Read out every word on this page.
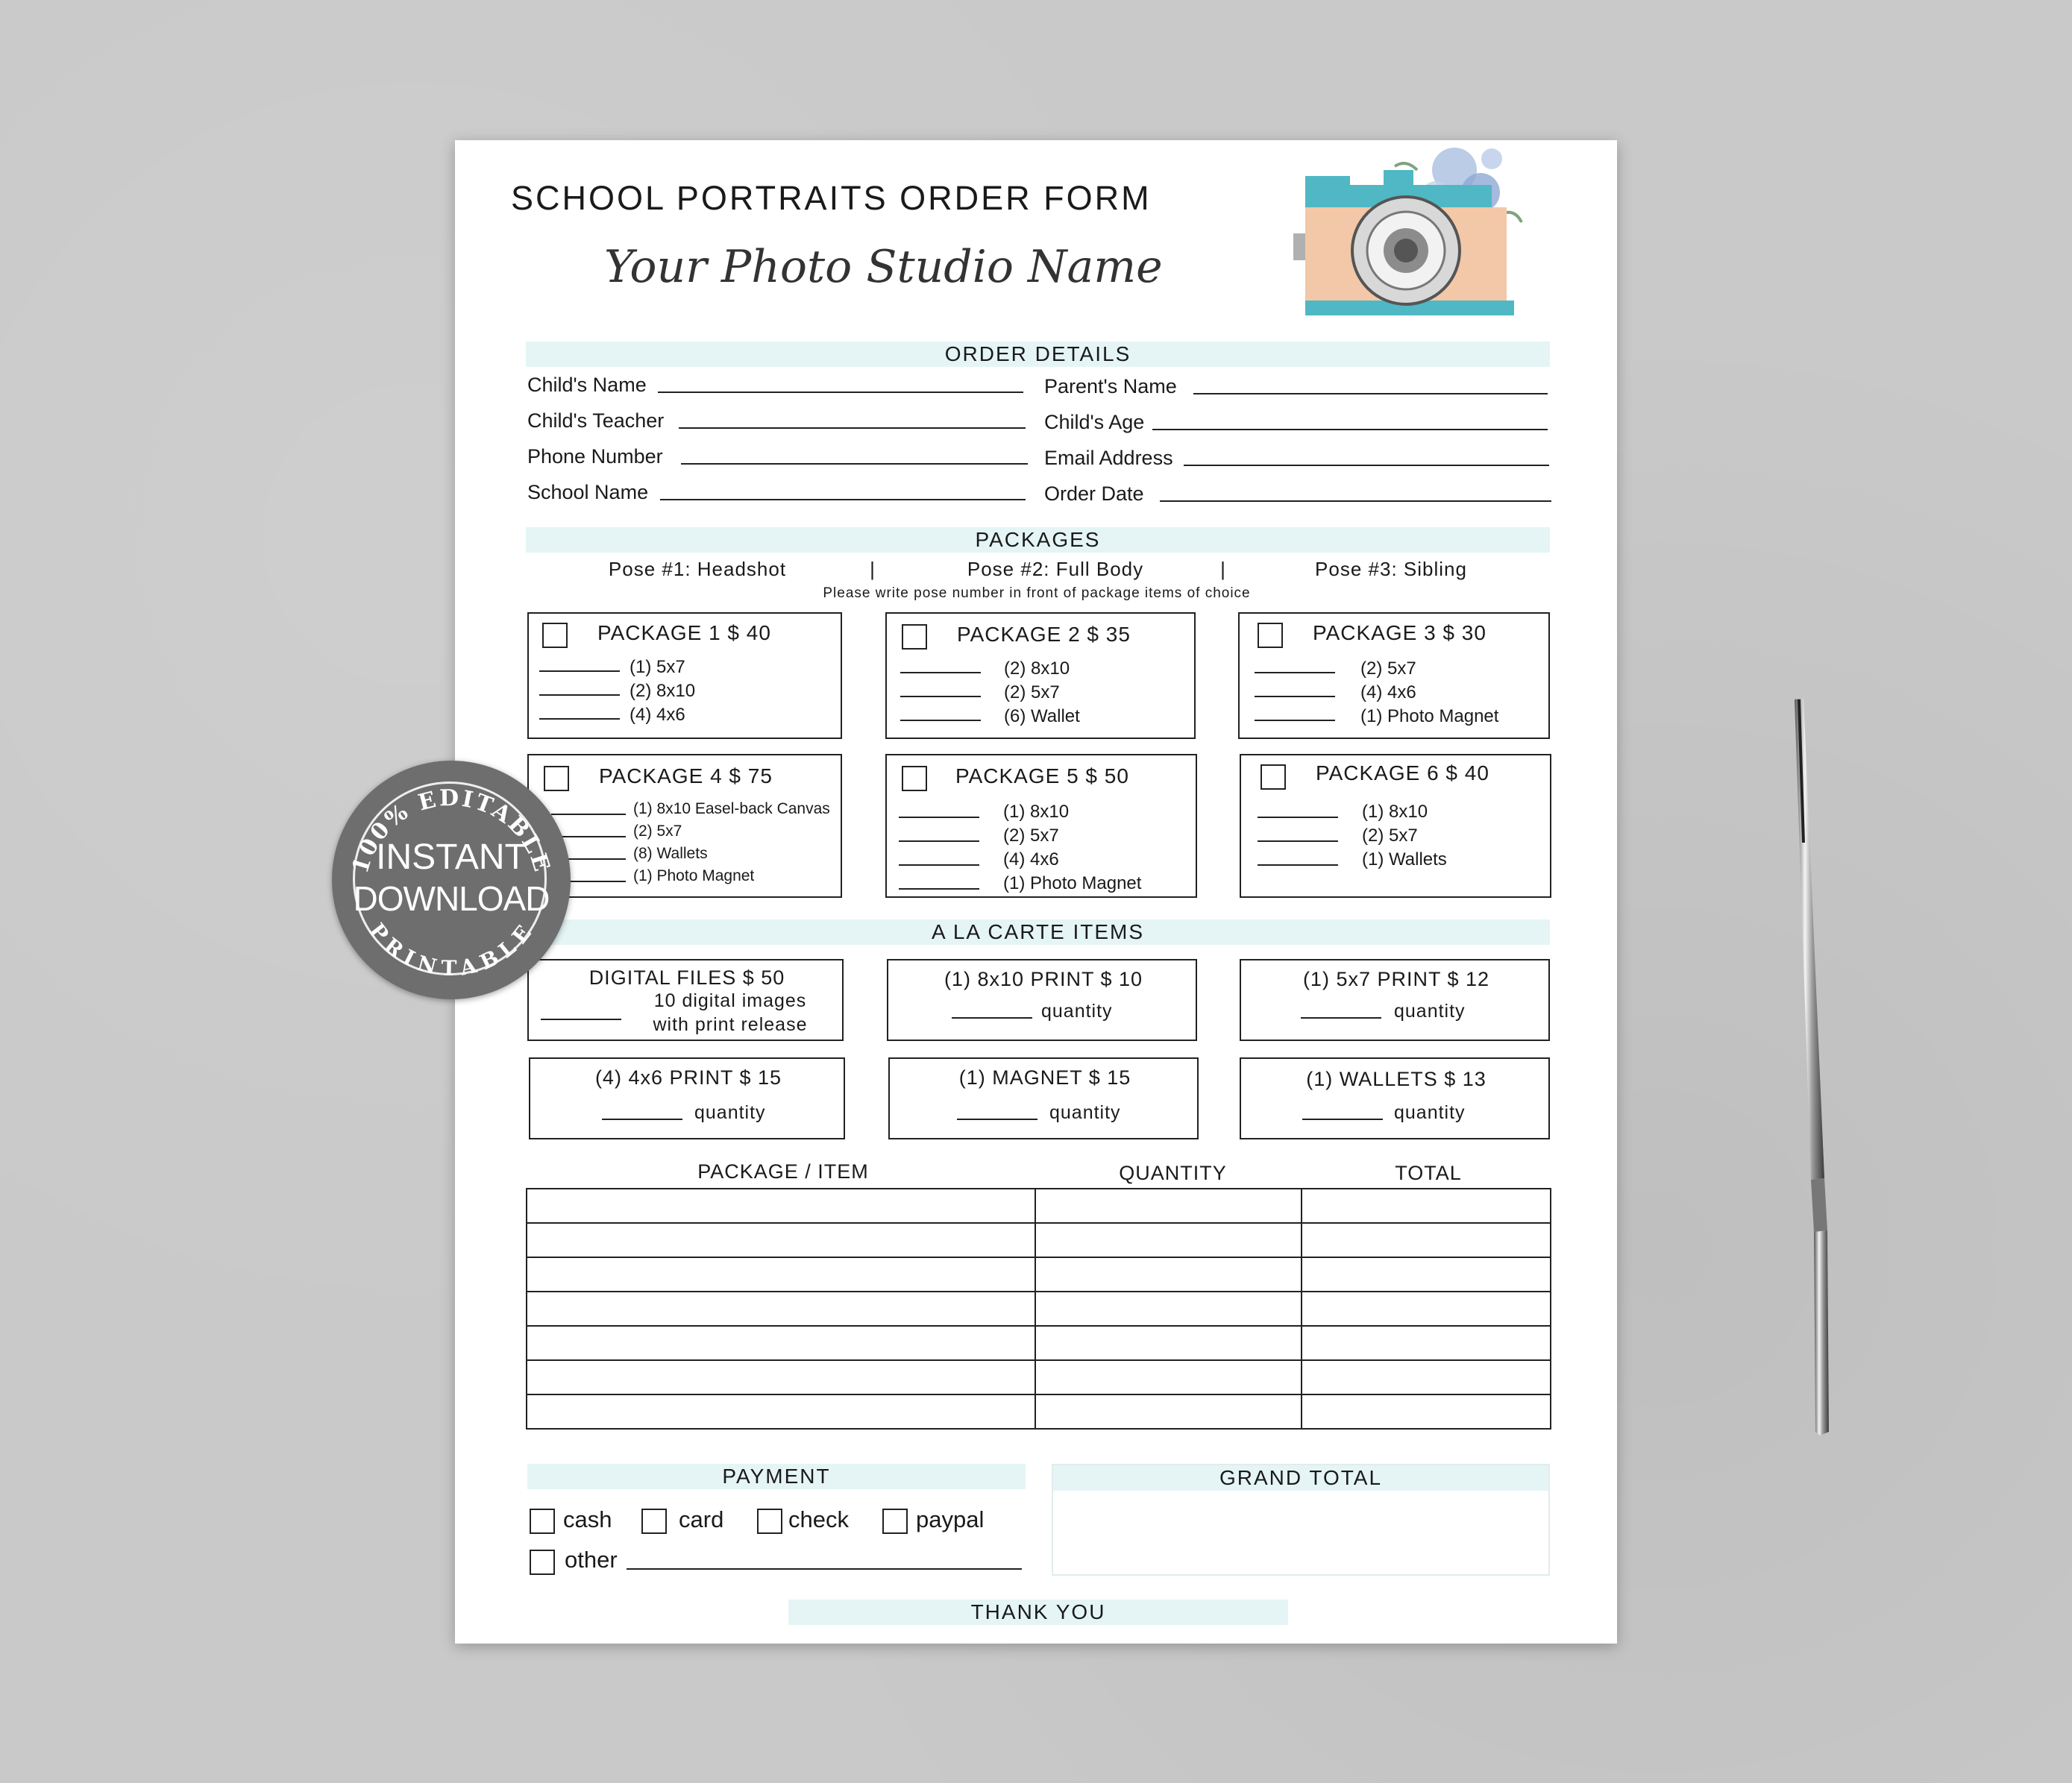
SCHOOL PORTRAITS ORDER FORM
Your Photo Studio Name
ORDER DETAILS
Child's Name
Child's Teacher
Phone Number
School Name
Parent's Name
Child's Age
Email Address
Order Date
PACKAGES
Pose #1: Headshot	|	Pose #2: Full Body	|	Pose #3: Sibling
Please write pose number in front of package items of choice
PACKAGE 1 $ 40
(1) 5x7
(2) 8x10
(4) 4x6
PACKAGE 2 $ 35
(2) 8x10
(2) 5x7
(6) Wallet
PACKAGE 3 $ 30
(2) 5x7
(4) 4x6
(1) Photo Magnet
PACKAGE 4 $ 75
(1) 8x10 Easel-back Canvas
(2) 5x7
(8) Wallets
(1) Photo Magnet
PACKAGE 5 $ 50
(1) 8x10
(2) 5x7
(4) 4x6
(1) Photo Magnet
PACKAGE 6 $ 40
(1) 8x10
(2) 5x7
(1) Wallets
A LA CARTE ITEMS
DIGITAL FILES $ 50
10 digital images
with print release
(1) 8x10 PRINT $ 10
quantity
(1) 5x7 PRINT $ 12
quantity
(4) 4x6 PRINT $ 15
quantity
(1) MAGNET $ 15
quantity
(1) WALLETS $ 13
quantity
PACKAGE / ITEM	QUANTITY	TOTAL

PAYMENT
cash	card	check	paypal
other
GRAND TOTAL
THANK YOU
100% EDITABLE
PRINTABLE
INSTANT
DOWNLOAD
